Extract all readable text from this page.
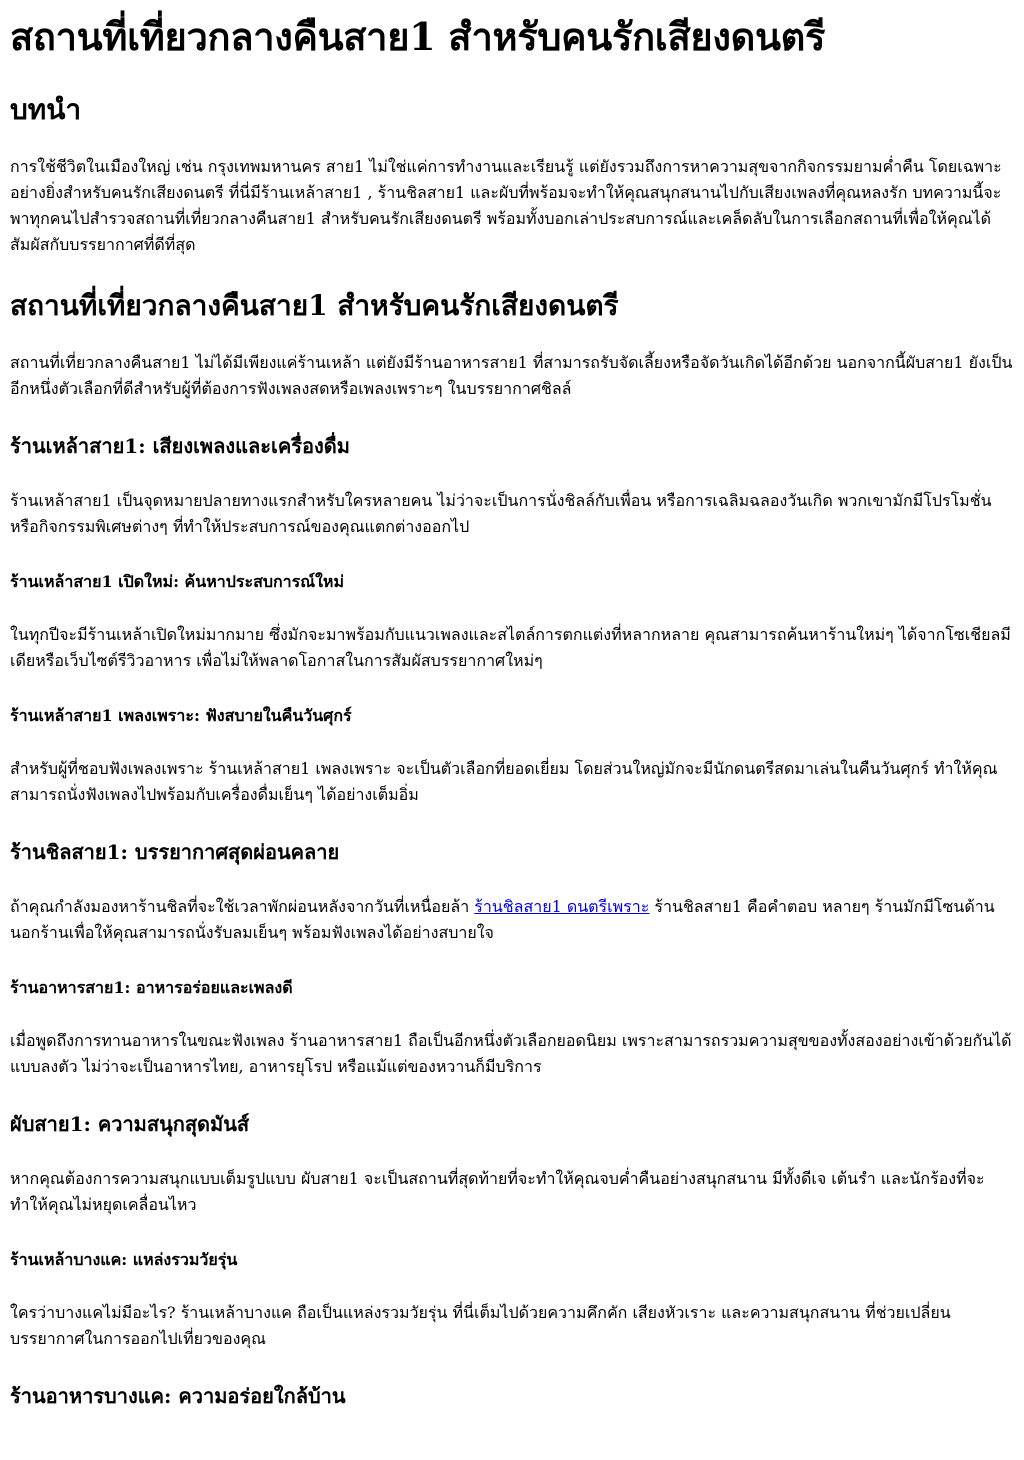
สถานที่เที่ยวกลางคืนสาย1 สำหรับคนรักเสียงดนตรี
บทนำ

การใช้ชีวิตในเมืองใหญ่ เช่น กรุงเทพมหานคร สาย1 ไม่ใช่แค่การทำงานและเรียนรู้ แต่ยังรวมถึงการหาความสุขจากกิจกรรมยามค่ำคืน โดยเฉพาะอย่างยิ่งสำหรับคนรักเสียงดนตรี ที่นี่มีร้านเหล้าสาย1 , ร้านชิลสาย1 และผับที่พร้อมจะทำให้คุณสนุกสนานไปกับเสียงเพลงที่คุณหลงรัก บทความนี้จะพาทุกคนไปสำรวจสถานที่เที่ยวกลางคืนสาย1 สำหรับคนรักเสียงดนตรี พร้อมทั้งบอกเล่าประสบการณ์และเคล็ดลับในการเลือกสถานที่เพื่อให้คุณได้สัมผัสกับบรรยากาศที่ดีที่สุด

สถานที่เที่ยวกลางคืนสาย1 สำหรับคนรักเสียงดนตรี

สถานที่เที่ยวกลางคืนสาย1 ไม่ได้มีเพียงแค่ร้านเหล้า แต่ยังมีร้านอาหารสาย1 ที่สามารถรับจัดเลี้ยงหรือจัดวันเกิดได้อีกด้วย นอกจากนี้ผับสาย1 ยังเป็นอีกหนึ่งตัวเลือกที่ดีสำหรับผู้ที่ต้องการฟังเพลงสดหรือเพลงเพราะๆ ในบรรยากาศชิลล์

ร้านเหล้าสาย1: เสียงเพลงและเครื่องดื่ม

ร้านเหล้าสาย1 เป็นจุดหมายปลายทางแรกสำหรับใครหลายคน ไม่ว่าจะเป็นการนั่งชิลล์กับเพื่อน หรือการเฉลิมฉลองวันเกิด พวกเขามักมีโปรโมชั่นหรือกิจกรรมพิเศษต่างๆ ที่ทำให้ประสบการณ์ของคุณแตกต่างออกไป

ร้านเหล้าสาย1 เปิดใหม่: ค้นหาประสบการณ์ใหม่

ในทุกปีจะมีร้านเหล้าเปิดใหม่มากมาย ซึ่งมักจะมาพร้อมกับแนวเพลงและสไตล์การตกแต่งที่หลากหลาย คุณสามารถค้นหาร้านใหม่ๆ ได้จากโซเชียลมีเดียหรือเว็บไซต์รีวิวอาหาร เพื่อไม่ให้พลาดโอกาสในการสัมผัสบรรยากาศใหม่ๆ

ร้านเหล้าสาย1 เพลงเพราะ: ฟังสบายในคืนวันศุกร์

สำหรับผู้ที่ชอบฟังเพลงเพราะ ร้านเหล้าสาย1 เพลงเพราะ จะเป็นตัวเลือกที่ยอดเยี่ยม โดยส่วนใหญ่มักจะมีนักดนตรีสดมาเล่นในคืนวันศุกร์ ทำให้คุณสามารถนั่งฟังเพลงไปพร้อมกับเครื่องดื่มเย็นๆ ได้อย่างเต็มอิ่ม

ร้านชิลสาย1: บรรยากาศสุดผ่อนคลาย

ถ้าคุณกำลังมองหาร้านชิลที่จะใช้เวลาพักผ่อนหลังจากวันที่เหนื่อยล้า ร้านชิลสาย1 ดนตรีเพราะ ร้านชิลสาย1 คือคำตอบ หลายๆ ร้านมักมีโซนด้านนอกร้านเพื่อให้คุณสามารถนั่งรับลมเย็นๆ พร้อมฟังเพลงได้อย่างสบายใจ

ร้านอาหารสาย1: อาหารอร่อยและเพลงดี

เมื่อพูดถึงการทานอาหารในขณะฟังเพลง ร้านอาหารสาย1 ถือเป็นอีกหนึ่งตัวเลือกยอดนิยม เพราะสามารถรวมความสุขของทั้งสองอย่างเข้าด้วยกันได้แบบลงตัว ไม่ว่าจะเป็นอาหารไทย, อาหารยุโรป หรือแม้แต่ของหวานก็มีบริการ

ผับสาย1: ความสนุกสุดมันส์

หากคุณต้องการความสนุกแบบเต็มรูปแบบ ผับสาย1 จะเป็นสถานที่สุดท้ายที่จะทำให้คุณจบค่ำคืนอย่างสนุกสนาน มีทั้งดีเจ เต้นรำ และนักร้องที่จะทำให้คุณไม่หยุดเคลื่อนไหว

ร้านเหล้าบางแค: แหล่งรวมวัยรุ่น

ใครว่าบางแคไม่มีอะไร? ร้านเหล้าบางแค ถือเป็นแหล่งรวมวัยรุ่น ที่นี่เต็มไปด้วยความคึกคัก เสียงหัวเราะ และความสนุกสนาน ที่ช่วยเปลี่ยนบรรยากาศในการออกไปเที่ยวของคุณ

ร้านอาหารบางแค: ความอร่อยใกล้บ้าน
